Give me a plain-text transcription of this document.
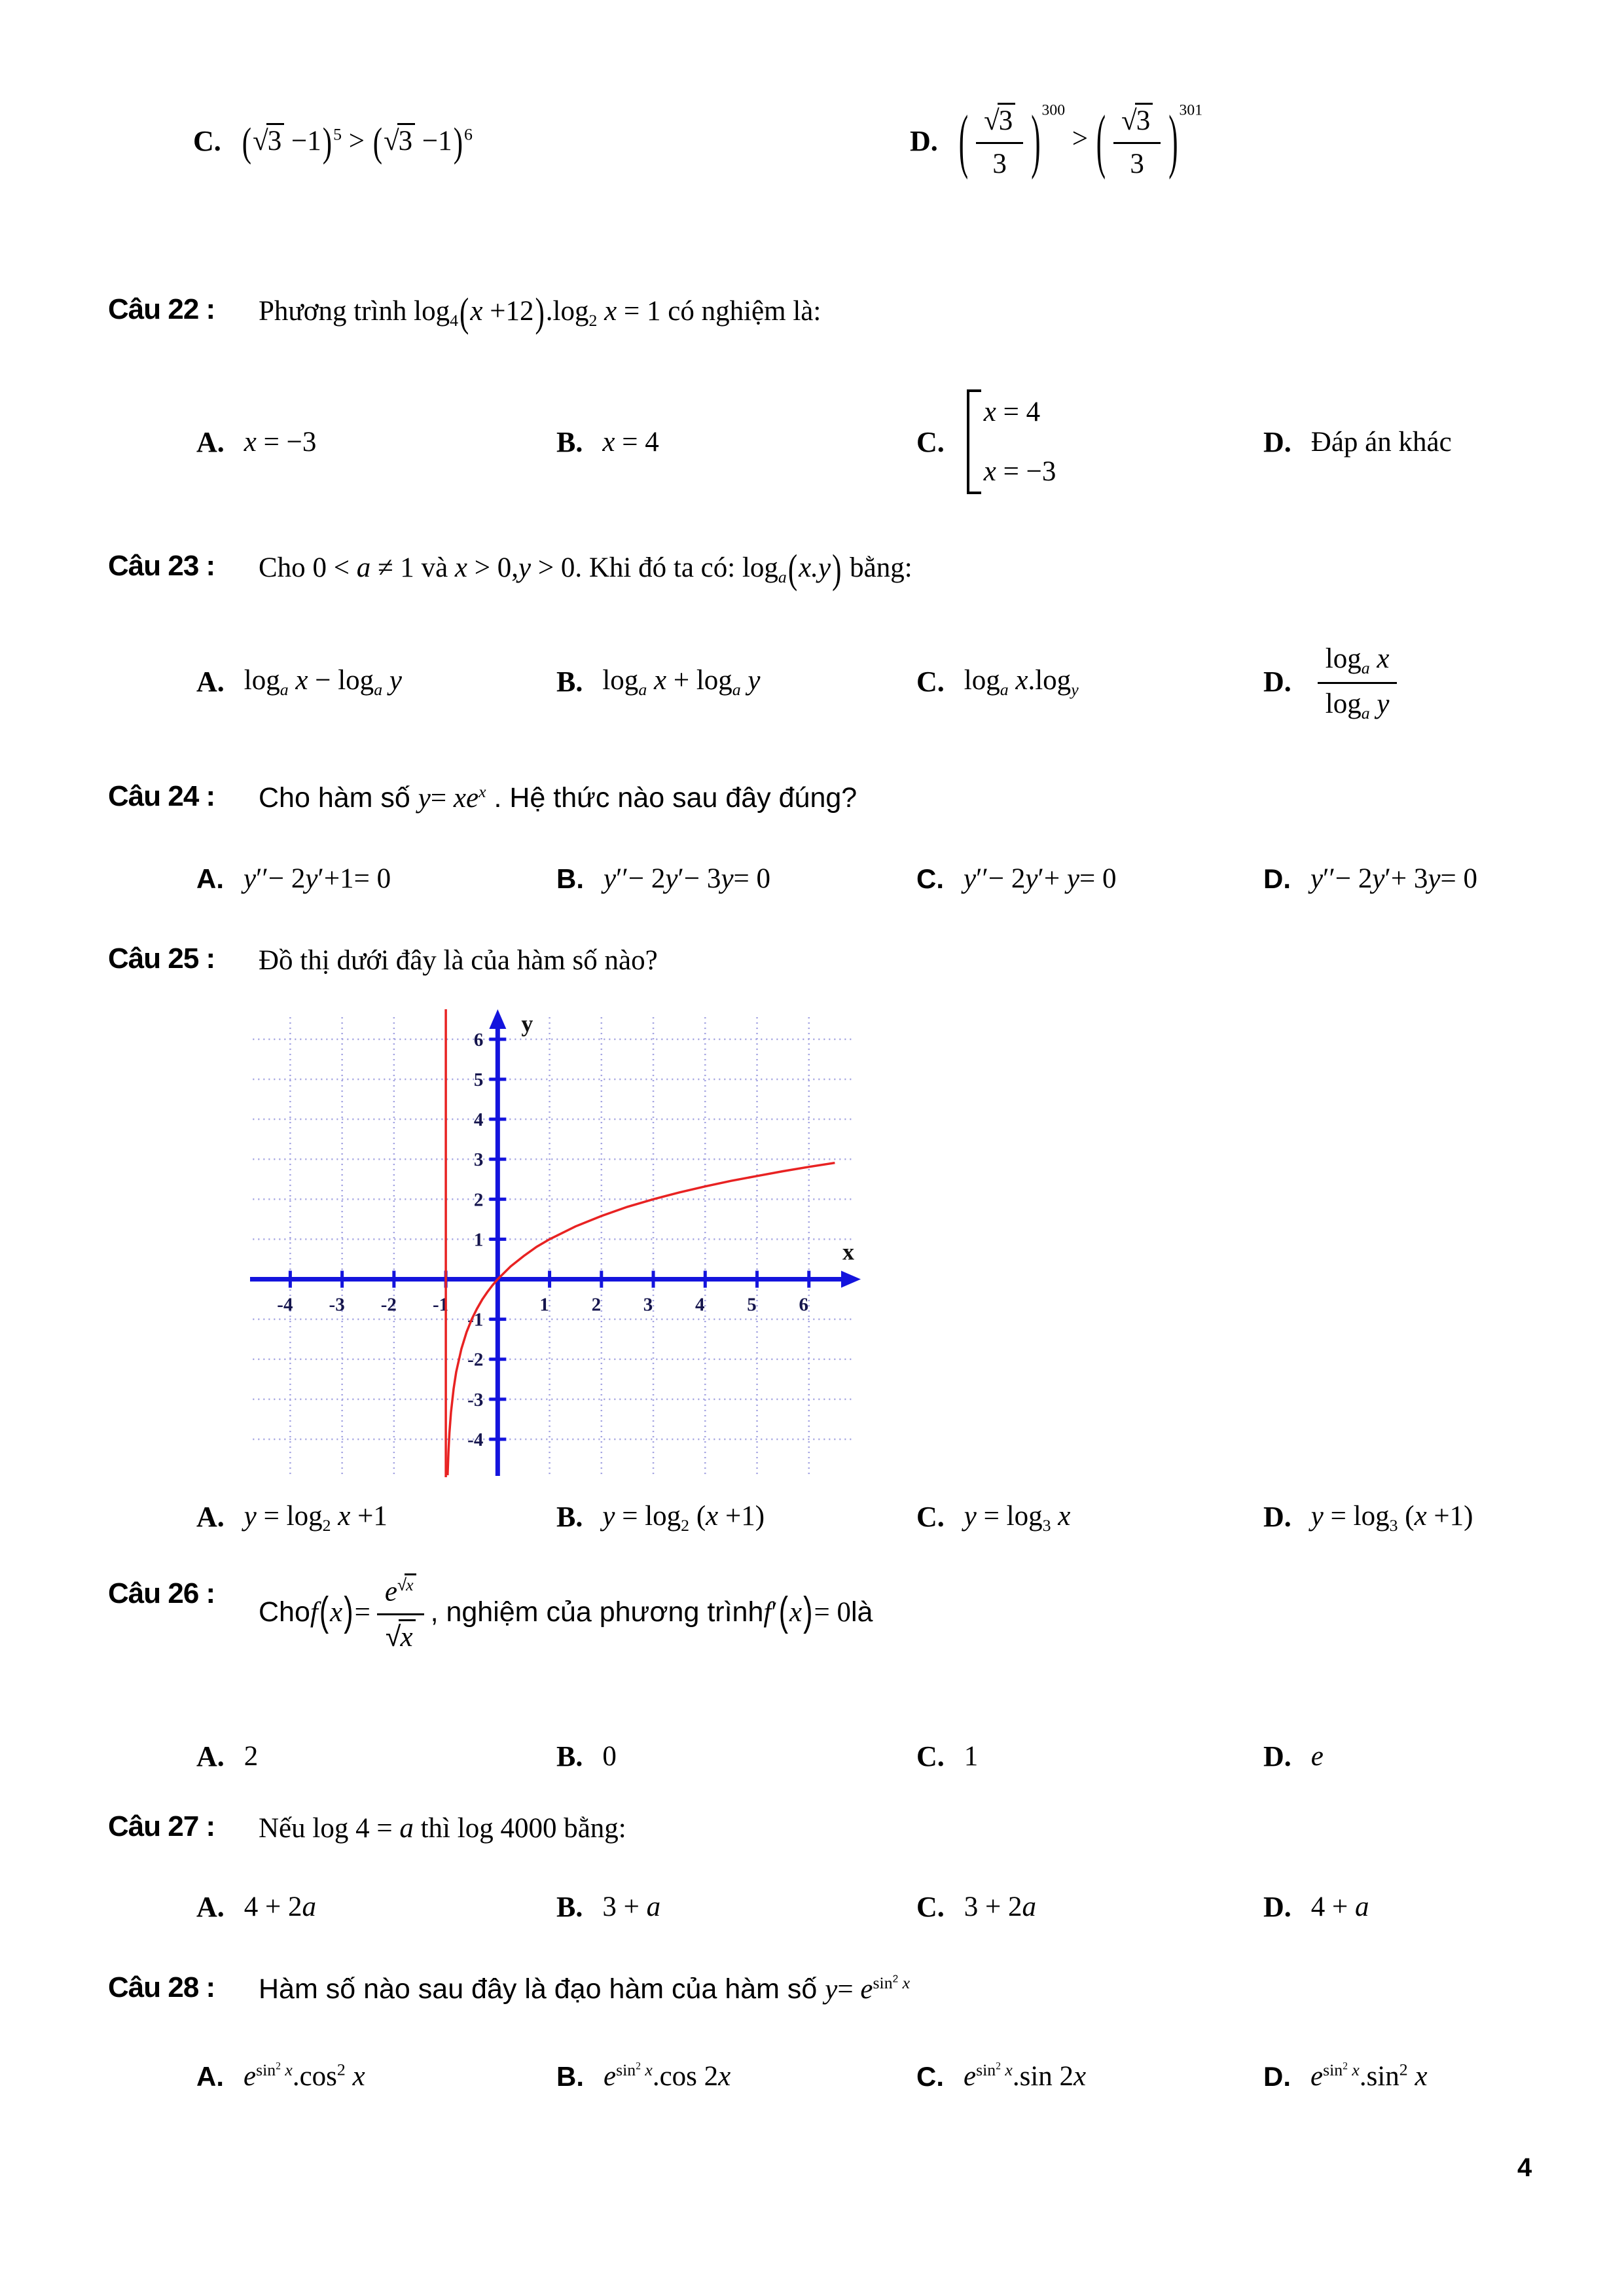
C. $(√3 -1)^5 > (√3 -1)^6$	D. ( $\frac{√3}{3} )^{300}$ > ( $\frac{√3}{3} )^{301}$
Câu 22 :	Phương trình $\log_4(x +12).\log_2$ x = 1 có nghiệm là:
A. x = −3	B. x = 4	C.
x = 4
x = −3
D. Đáp án khác
Câu 23 :	Cho 0 < a ≠ 1 và x > 0,y > 0. Khi đó ta có: $\log_a(x.y)$ bằng:
A. $\log_a x - \log_a y$	B. $\log_a x + \log_a y$	C. $\log_a x.\log_y$	D. $\frac{\log_a x}{\log_a y}$
Câu 24 :	Cho hàm số $y= xe^x$ . Hệ thức nào sau đây đúng?
A. y′′− 2y′+1= 0	B. y′′− 2y′− 3y= 0	C. y′′− 2y′+ y= 0	D. y′′− 2y′+ 3y= 0
Câu 25 :	Đồ thị dưới đây là của hàm số nào?
-4 -3 -2 -1	1 2 3 4 5 6
-4
-3
-2
-1
1
2
3
4
5
6
x
y
A. $y = \log_2 x +1$	B. $y = \log_2 (x +1)$	C. $y = \log_3 x$	D. $y = \log_3 (x +1)$
Câu 26 :
Cho f ( x ) = $\frac{e^{√x}}{√x}$ , nghiệm của phương trình f ′ ( x ) = 0 là
A. 2	B. 0	C. 1	D. e
Câu 27 :	Nếu log 4 = a thì log 4000 bằng:
A. 4 + 2a	B. 3 + a	C. 3 + 2a	D. 4 + a
Câu 28 :	Hàm số nào sau đây là đạo hàm của hàm số $y= e^{sin^2 x}$
A. $e^{sin^2 x}.\cos^2$ x	B. $e^{sin^2 x}.\cos$ 2x	C. $e^{sin^2 x}.\sin$ 2x	D. $e^{sin^2 x}.\sin^2$ x
4
